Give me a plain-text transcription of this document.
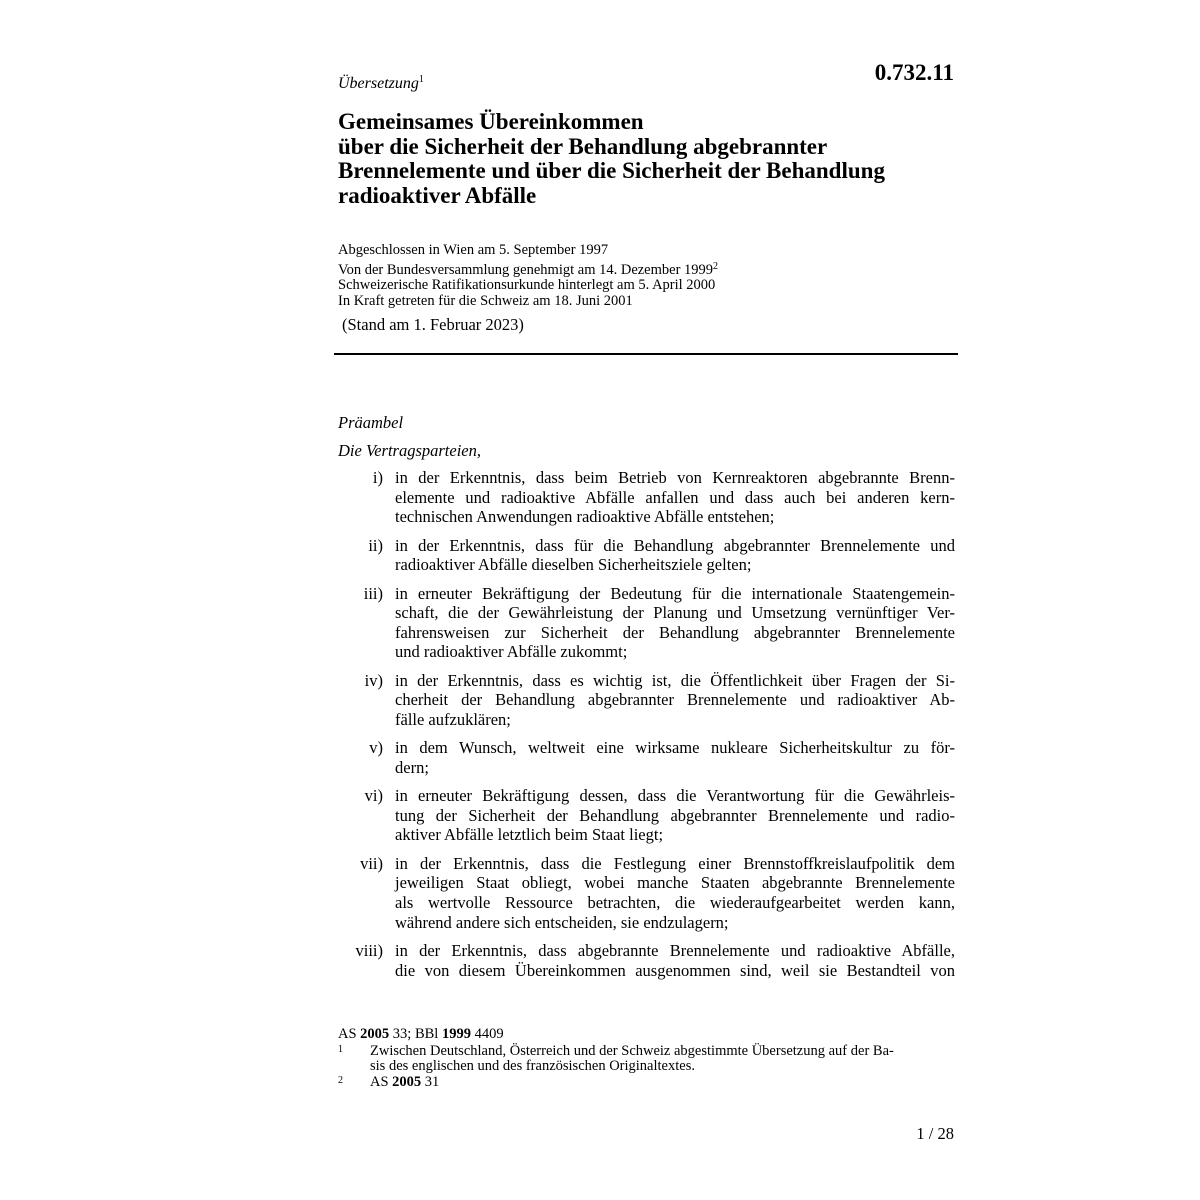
Übersetzung$^1$	0.732.11
Gemeinsames Übereinkommen
über die Sicherheit der Behandlung abgebrannter
Brennelemente und über die Sicherheit der Behandlung
radioaktiver Abfälle
Abgeschlossen in Wien am 5. September 1997
Von der Bundesversammlung genehmigt am 14. Dezember 1999$^2$
Schweizerische Ratifikationsurkunde hinterlegt am 5. April 2000
In Kraft getreten für die Schweiz am 18. Juni 2001
(Stand am 1. Februar 2023)
Präambel
Die Vertragsparteien,
i) in der Erkenntnis, dass beim Betrieb von Kernreaktoren abgebrannte Brenn-
elemente und radioaktive Abfälle anfallen und dass auch bei anderen kern-
technischen Anwendungen radioaktive Abfälle entstehen;
ii) in der Erkenntnis, dass für die Behandlung abgebrannter Brennelemente und
radioaktiver Abfälle dieselben Sicherheitsziele gelten;
iii) in erneuter Bekräftigung der Bedeutung für die internationale Staatengemein-
schaft, die der Gewährleistung der Planung und Umsetzung vernünftiger Ver-
fahrensweisen zur Sicherheit der Behandlung abgebrannter Brennelemente
und radioaktiver Abfälle zukommt;
iv) in der Erkenntnis, dass es wichtig ist, die Öffentlichkeit über Fragen der Si-
cherheit der Behandlung abgebrannter Brennelemente und radioaktiver Ab-
fälle aufzuklären;
v) in dem Wunsch, weltweit eine wirksame nukleare Sicherheitskultur zu för-
dern;
vi) in erneuter Bekräftigung dessen, dass die Verantwortung für die Gewährleis-
tung der Sicherheit der Behandlung abgebrannter Brennelemente und radio-
aktiver Abfälle letztlich beim Staat liegt;
vii) in der Erkenntnis, dass die Festlegung einer Brennstoffkreislaufpolitik dem
jeweiligen Staat obliegt, wobei manche Staaten abgebrannte Brennelemente
als wertvolle Ressource betrachten, die wiederaufgearbeitet werden kann,
während andere sich entscheiden, sie endzulagern;
viii) in der Erkenntnis, dass abgebrannte Brennelemente und radioaktive Abfälle,
die von diesem Übereinkommen ausgenommen sind, weil sie Bestandteil von
AS 2005 33; BBl 1999 4409
1 Zwischen Deutschland, Österreich und der Schweiz abgestimmte Übersetzung auf der Ba-
sis des englischen und des französischen Originaltextes.
2 AS 2005 31
1 / 28
